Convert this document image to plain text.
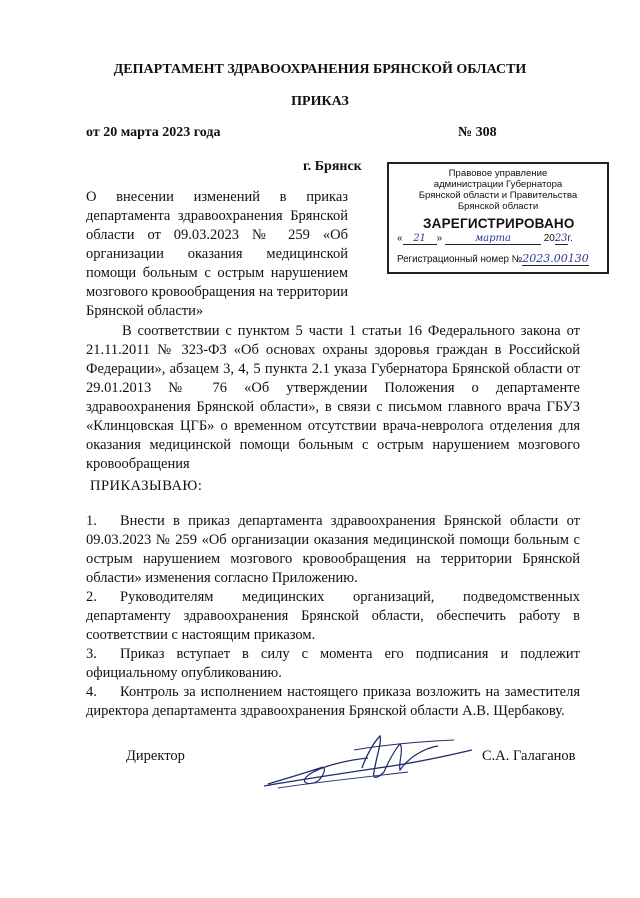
ДЕПАРТАМЕНТ ЗДРАВООХРАНЕНИЯ БРЯНСКОЙ ОБЛАСТИ
ПРИКАЗ
от 20 марта 2023 года	№ 308
г. Брянск	Правовое управление
администрации Губернатора
Брянской области и Правительства
Брянской области
ЗАРЕГИСТРИРОВАНО
« 21 »	марта	2023г.
Регистрационный номер №2023.00130
О внесении изменений в приказ департамента здравоохранения Брянской области от 09.03.2023 № 259 «Об организации оказания медицинской помощи больным с острым нарушением мозгового кровообращения на территории Брянской области»
В соответствии с пунктом 5 части 1 статьи 16 Федерального закона от 21.11.2011 № 323-ФЗ «Об основах охраны здоровья граждан в Российской Федерации», абзацем 3, 4, 5 пункта 2.1 указа Губернатора Брянской области от 29.01.2013 № 76 «Об утверждении Положения о департаменте здравоохранения Брянской области», в связи с письмом главного врача ГБУЗ «Клинцовская ЦГБ» о временном отсутствии врача-невролога отделения для оказания медицинской помощи больным с острым нарушением мозгового кровообращения
ПРИКАЗЫВАЮ:
1. Внести в приказ департамента здравоохранения Брянской области от 09.03.2023 № 259 «Об организации оказания медицинской помощи больным с острым нарушением мозгового кровообращения на территории Брянской области» изменения согласно Приложению.
2. Руководителям медицинских организаций, подведомственных департаменту здравоохранения Брянской области, обеспечить работу в соответствии с настоящим приказом.
3. Приказ вступает в силу с момента его подписания и подлежит официальному опубликованию.
4. Контроль за исполнением настоящего приказа возложить на заместителя директора департамента здравоохранения Брянской области А.В. Щербакову.
Директор	С.А. Галаганов
